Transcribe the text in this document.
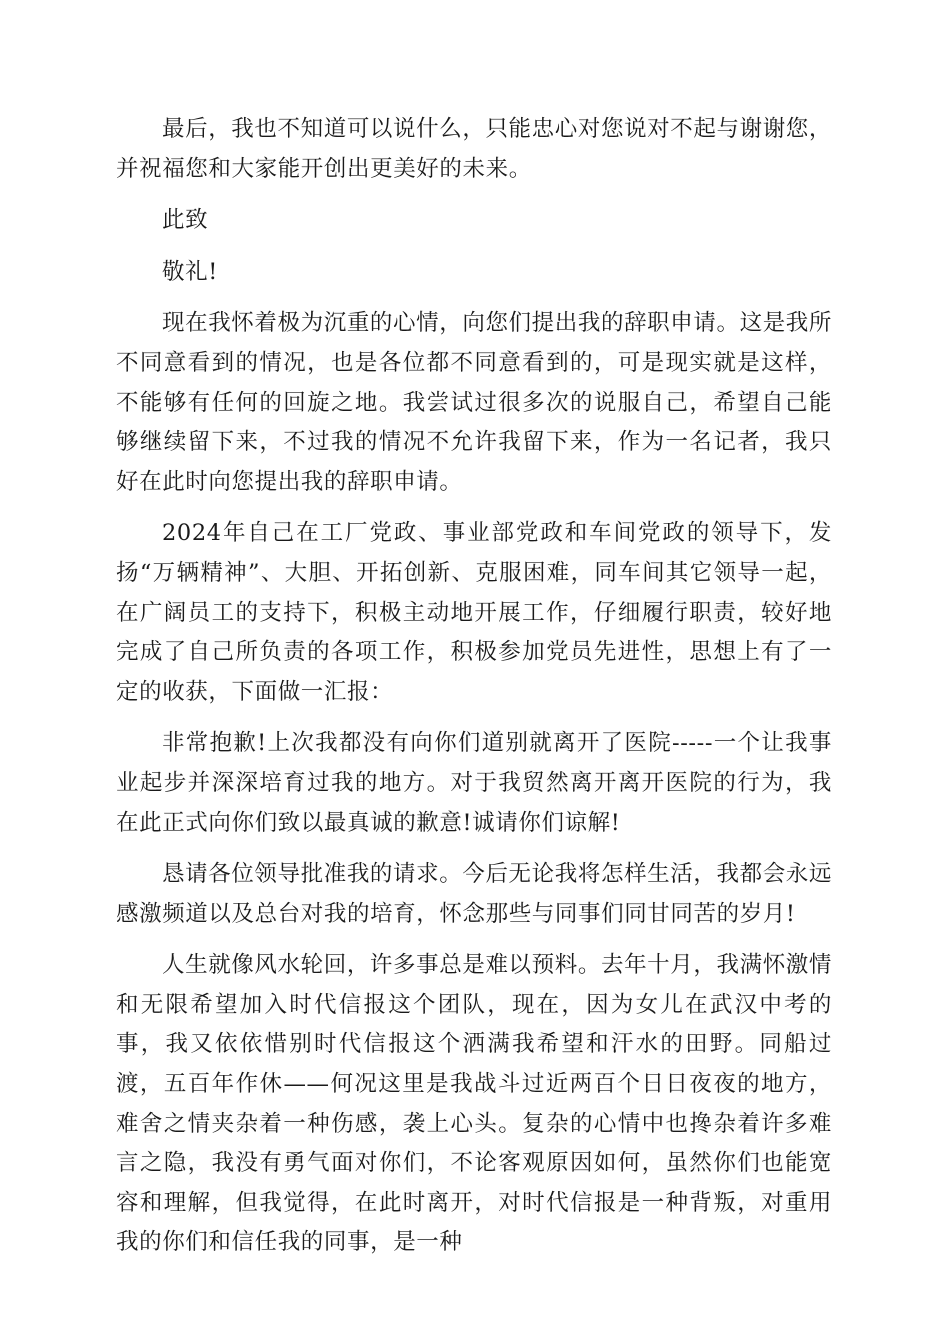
最后，我也不知道可以说什么，只能忠心对您说对不起与谢谢您，并祝福您和大家能开创出更美好的未来。

此致

敬礼!

现在我怀着极为沉重的心情，向您们提出我的辞职申请。这是我所不同意看到的情况，也是各位都不同意看到的，可是现实就是这样，不能够有任何的回旋之地。我尝试过很多次的说服自己，希望自己能够继续留下来，不过我的情况不允许我留下来，作为一名记者，我只好在此时向您提出我的辞职申请。

2024年自己在工厂党政、事业部党政和车间党政的领导下，发扬“万辆精神”、大胆、开拓创新、克服困难，同车间其它领导一起，在广阔员工的支持下，积极主动地开展工作，仔细履行职责，较好地完成了自己所负责的各项工作，积极参加党员先进性，思想上有了一定的收获，下面做一汇报：

非常抱歉!上次我都没有向你们道别就离开了医院-----一个让我事业起步并深深培育过我的地方。对于我贸然离开离开医院的行为，我在此正式向你们致以最真诚的歉意!诚请你们谅解!

恳请各位领导批准我的请求。今后无论我将怎样生活，我都会永远感激频道以及总台对我的培育，怀念那些与同事们同甘同苦的岁月!

人生就像风水轮回，许多事总是难以预料。去年十月，我满怀激情和无限希望加入时代信报这个团队，现在，因为女儿在武汉中考的事，我又依依惜别时代信报这个洒满我希望和汗水的田野。同船过渡，五百年作休——何况这里是我战斗过近两百个日日夜夜的地方，难舍之情夹杂着一种伤感，袭上心头。复杂的心情中也搀杂着许多难言之隐，我没有勇气面对你们，不论客观原因如何，虽然你们也能宽容和理解，但我觉得，在此时离开，对时代信报是一种背叛，对重用我的你们和信任我的同事，是一种
